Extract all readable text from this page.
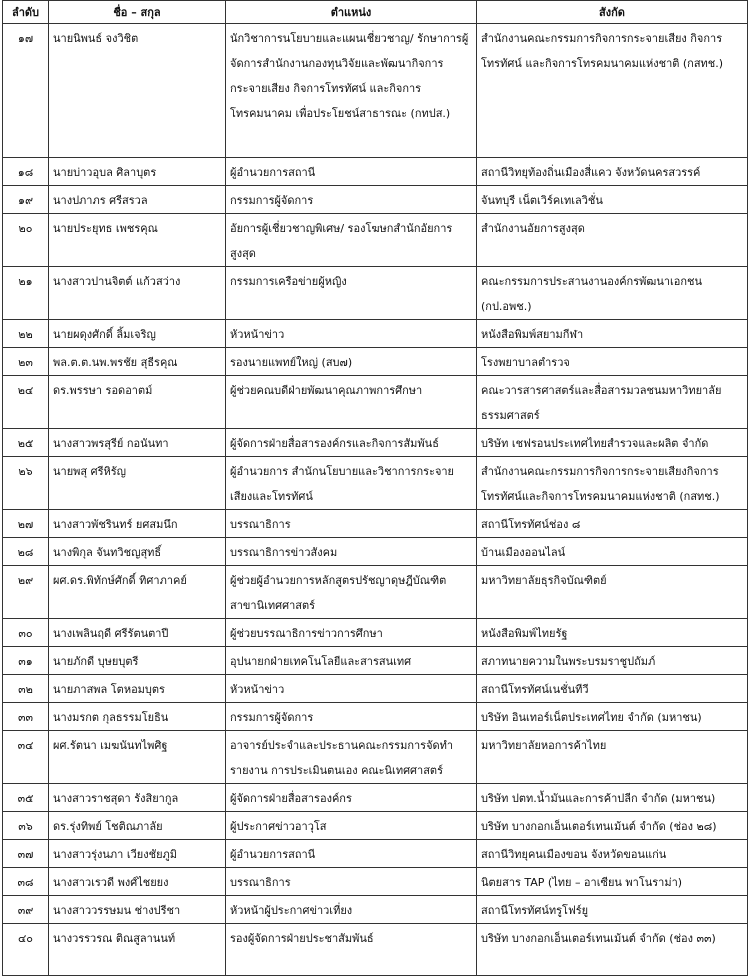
ลำดับ	ชื่อ – สกุล	ตำแหน่ง	สังกัด
๑๗	นายนิพนธ์ จงวิชิต	นักวิชาการนโยบายและแผนเชี่ยวชาญ/ รักษาการผู้จัดการสำนักงานกองทุนวิจัยและพัฒนากิจการกระจายเสียง กิจการโทรทัศน์ และกิจการโทรคมนาคม เพื่อประโยชน์สาธารณะ (กทปส.)	สำนักงานคณะกรรมการกิจการกระจายเสียง กิจการโทรทัศน์ และกิจการโทรคมนาคมแห่งชาติ (กสทช.)
๑๘	นายบ่าวอุบล ศิลาบุตร	ผู้อำนวยการสถานี	สถานีวิทยุท้องถิ่นเมืองสี่แคว จังหวัดนครสวรรค์
๑๙	นางปภาภร ศรีสรวล	กรรมการผู้จัดการ	จันทบุรี เน็ตเวิร์คเทเลวิชั่น
๒๐	นายประยุทธ เพชรคุณ	อัยการผู้เชี่ยวชาญพิเศษ/ รองโฆษกสำนักอัยการสูงสุด	สำนักงานอัยการสูงสุด
๒๑	นางสาวปานจิตต์ แก้วสว่าง	กรรมการเครือข่ายผู้หญิง	คณะกรรมการประสานงานองค์กรพัฒนาเอกชน (กป.อพช.)
๒๒	นายผดุงศักดิ์ ลิ้มเจริญ	หัวหน้าข่าว	หนังสือพิมพ์สยามกีฬา
๒๓	พล.ต.ต.นพ.พรชัย สุธีรคุณ	รองนายแพทย์ใหญ่ (สบ๗)	โรงพยาบาลตำรวจ
๒๔	ดร.พรรษา รอดอาตม์	ผู้ช่วยคณบดีฝ่ายพัฒนาคุณภาพการศึกษา	คณะวารสารศาสตร์และสื่อสารมวลชนมหาวิทยาลัยธรรมศาสตร์
๒๕	นางสาวพรสุรีย์ กอนันทา	ผู้จัดการฝ่ายสื่อสารองค์กรและกิจการสัมพันธ์	บริษัท เชฟรอนประเทศไทยสำรวจและผลิต จำกัด
๒๖	นายพสุ ศรีหิรัญ	ผู้อำนวยการ สำนักนโยบายและวิชาการกระจายเสียงและโทรทัศน์	สำนักงานคณะกรรมการกิจการกระจายเสียงกิจการโทรทัศน์และกิจการโทรคมนาคมแห่งชาติ (กสทช.)
๒๗	นางสาวพัชรินทร์ ยศสมนึก	บรรณาธิการ	สถานีโทรทัศน์ช่อง ๘
๒๘	นางพิกุล จันทวิชญสุทธิ์	บรรณาธิการข่าวสังคม	บ้านเมืองออนไลน์
๒๙	ผศ.ดร.พิทักษ์ศักดิ์ ทิศาภาคย์	ผู้ช่วยผู้อำนวยการหลักสูตรปรัชญาดุษฎีบัณฑิต สาขานิเทศศาสตร์	มหาวิทยาลัยธุรกิจบัณฑิตย์
๓๐	นางเพลินฤดี ศรีรัตนตาปี	ผู้ช่วยบรรณาธิการข่าวการศึกษา	หนังสือพิมพ์ไทยรัฐ
๓๑	นายภักดี บุษยบุตรี	อุปนายกฝ่ายเทคโนโลยีและสารสนเทศ	สภาทนายความในพระบรมราชูปถัมภ์
๓๒	นายภาสพล โตหอมบุตร	หัวหน้าข่าว	สถานีโทรทัศน์เนชั่นทีวี
๓๓	นางมรกต กุลธรรมโยธิน	กรรมการผู้จัดการ	บริษัท อินเทอร์เน็ตประเทศไทย จำกัด (มหาชน)
๓๔	ผศ.รัตนา เมฆนันทไพศิฐ	อาจารย์ประจำและประธานคณะกรรมการจัดทำรายงาน การประเมินตนเอง คณะนิเทศศาสตร์	มหาวิทยาลัยหอการค้าไทย
๓๕	นางสาวราชสุดา รังสิยากูล	ผู้จัดการฝ่ายสื่อสารองค์กร	บริษัท ปตท.น้ำมันและการค้าปลีก จำกัด (มหาชน)
๓๖	ดร.รุ่งทิพย์ โชติณภาลัย	ผู้ประกาศข่าวอาวุโส	บริษัท บางกอกเอ็นเตอร์เทนเม้นต์ จำกัด (ช่อง ๒๘)
๓๗	นางสาวรุ่งนภา เวียงชัยภูมิ	ผู้อำนวยการสถานี	สถานีวิทยุคนเมืองขอน จังหวัดขอนแก่น
๓๘	นางสาวเรวดี พงศ์ไชยยง	บรรณาธิการ	นิตยสาร TAP (ไทย – อาเซียน พาโนราม่า)
๓๙	นางสาววรรษมน ช่างปรีชา	หัวหน้าผู้ประกาศข่าวเที่ยง	สถานีโทรทัศน์ทรูโฟร์ยู
๔๐	นางวรรวรณ ติณสูลานนท์	รองผู้จัดการฝ่ายประชาสัมพันธ์	บริษัท บางกอกเอ็นเตอร์เทนเม้นต์ จำกัด (ช่อง ๓๓)
